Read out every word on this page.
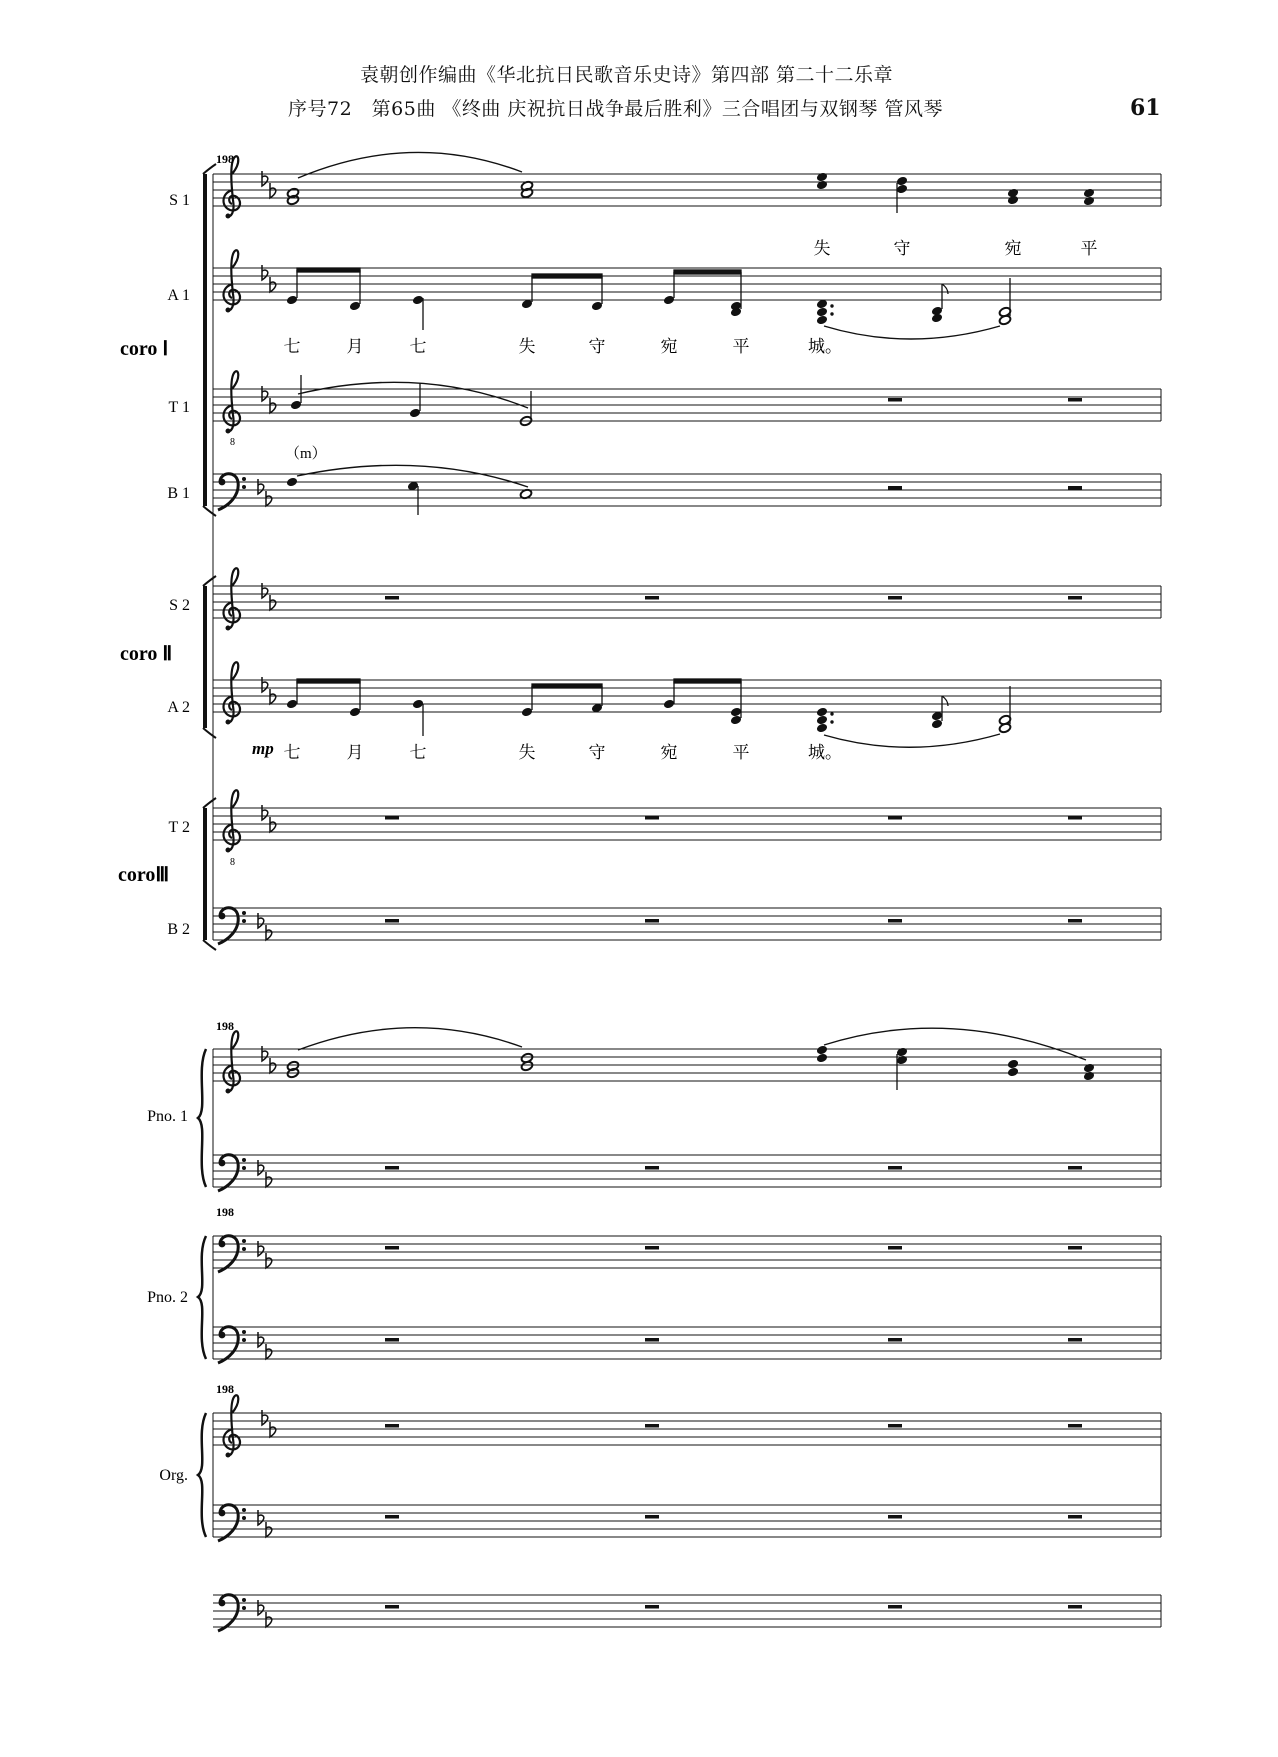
袁朝创作编曲《华北抗日民歌音乐史诗》第四部 第二十二乐章
序号72　第65曲 《终曲 庆祝抗日战争最后胜利》三合唱团与双钢琴 管风琴	61
198
S 1
失	守	宛	平
A 1
七	月	七	失	守	宛	平	城。
coro Ⅰ
8
T 1
B 1
（m）
S 2
coro Ⅱ
A 2
mp 七	月	七	失	守	宛	平	城。
8
T 2
coroⅢ
B 2
198
Pno. 1
198
Pno. 2
198
Org.
